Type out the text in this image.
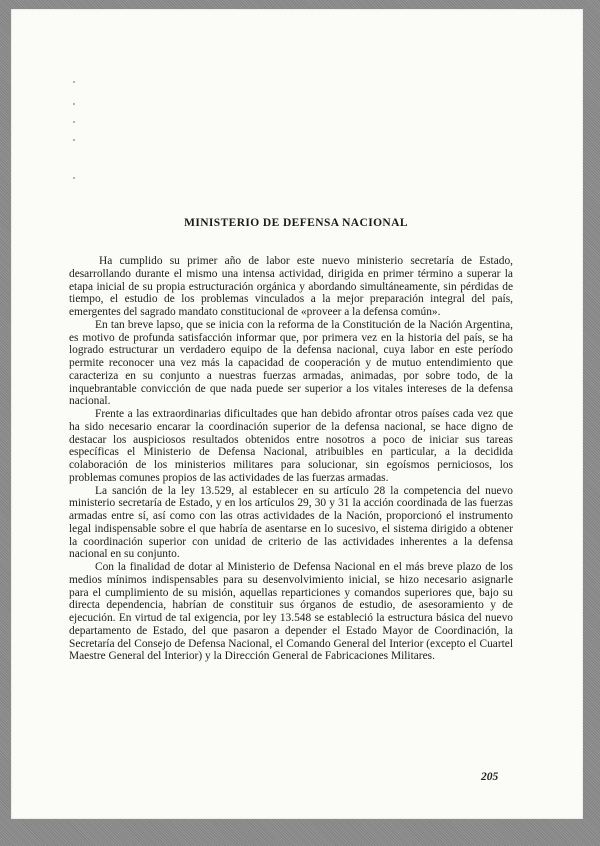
MINISTERIO DE DEFENSA NACIONAL

Ha cumplido su primer año de labor este nuevo ministerio secretaría de Estado, desarrollando durante el mismo una intensa actividad, dirigida en primer término a superar la etapa inicial de su propia estructuración orgánica y abordando simultáneamente, sin pérdidas de tiempo, el estudio de los problemas vinculados a la mejor preparación integral del país, emergentes del sagrado mandato constitucional de «proveer a la defensa común».

En tan breve lapso, que se inicia con la reforma de la Constitución de la Nación Argentina, es motivo de profunda satisfacción informar que, por primera vez en la historia del país, se ha logrado estructurar un verdadero equipo de la defensa nacional, cuya labor en este período permite reconocer una vez más la capacidad de cooperación y de mutuo entendimiento que caracteriza en su conjunto a nuestras fuerzas armadas, animadas, por sobre todo, de la inquebrantable convicción de que nada puede ser superior a los vitales intereses de la defensa nacional.

Frente a las extraordinarias dificultades que han debido afrontar otros países cada vez que ha sido necesario encarar la coordinación superior de la defensa nacional, se hace digno de destacar los auspiciosos resultados obtenidos entre nosotros a poco de iniciar sus tareas específicas el Ministerio de Defensa Nacional, atribuibles en particular, a la decidida colaboración de los ministerios militares para solucionar, sin egoísmos perniciosos, los problemas comunes propios de las actividades de las fuerzas armadas.

La sanción de la ley 13.529, al establecer en su artículo 28 la competencia del nuevo ministerio secretaría de Estado, y en los artículos 29, 30 y 31 la acción coordinada de las fuerzas armadas entre sí, así como con las otras actividades de la Nación, proporcionó el instrumento legal indispensable sobre el que habría de asentarse en lo sucesivo, el sistema dirigido a obtener la coordinación superior con unidad de criterio de las actividades inherentes a la defensa nacional en su conjunto.

Con la finalidad de dotar al Ministerio de Defensa Nacional en el más breve plazo de los medios mínimos indispensables para su desenvolvimiento inicial, se hizo necesario asignarle para el cumplimiento de su misión, aquellas reparticiones y comandos superiores que, bajo su directa dependencia, habrían de constituir sus órganos de estudio, de asesoramiento y de ejecución. En virtud de tal exigencia, por ley 13.548 se estableció la estructura básica del nuevo departamento de Estado, del que pasaron a depender el Estado Mayor de Coordinación, la Secretaría del Consejo de Defensa Nacional, el Comando General del Interior (excepto el Cuartel Maestre General del Interior) y la Dirección General de Fabricaciones Militares.

205
